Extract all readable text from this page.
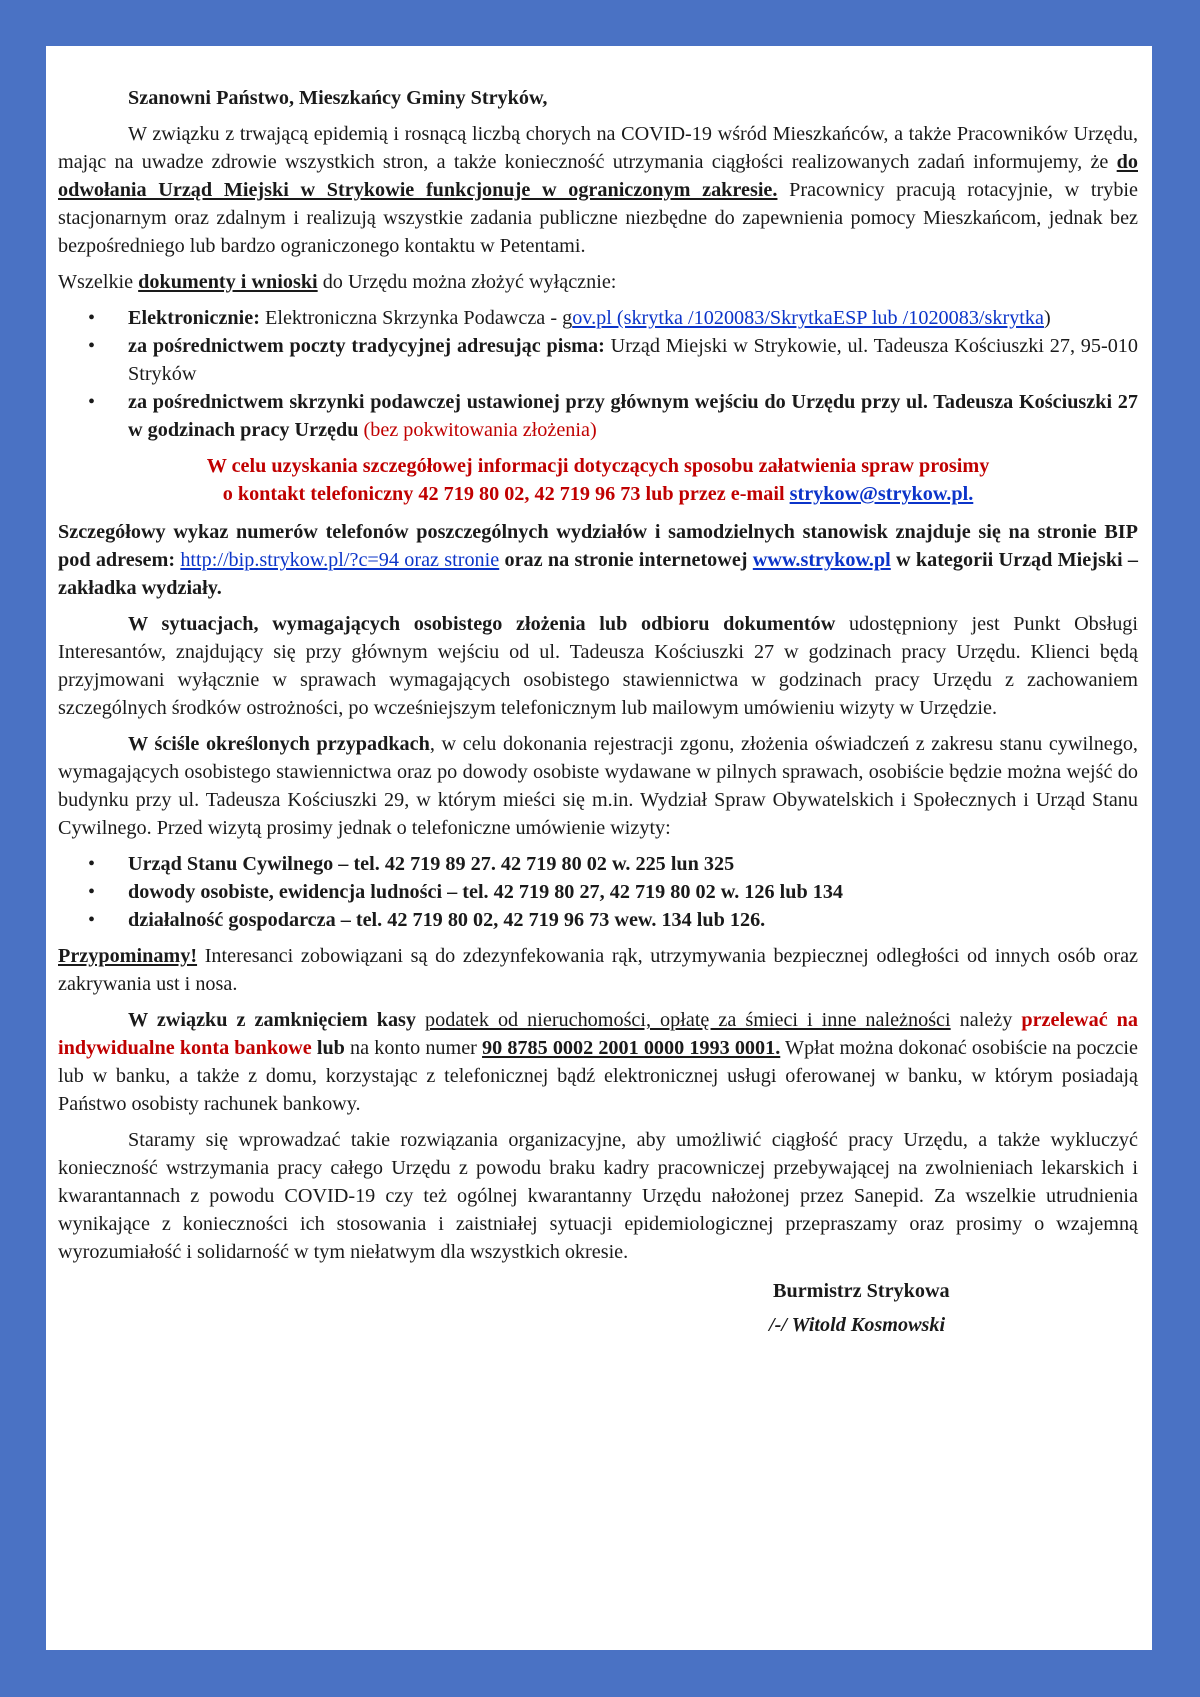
Szanowni Państwo, Mieszkańcy Gminy Stryków,

W związku z trwającą epidemią i rosnącą liczbą chorych na COVID-19 wśród Mieszkańców, a także Pracowników Urzędu, mając na uwadze zdrowie wszystkich stron, a także konieczność utrzymania ciągłości realizowanych zadań informujemy, że do odwołania Urząd Miejski w Strykowie funkcjonuje w ograniczonym zakresie. Pracownicy pracują rotacyjnie, w trybie stacjonarnym oraz zdalnym i realizują wszystkie zadania publiczne niezbędne do zapewnienia pomocy Mieszkańcom, jednak bez bezpośredniego lub bardzo ograniczonego kontaktu w Petentami.

Wszelkie dokumenty i wnioski do Urzędu można złożyć wyłącznie:

• Elektronicznie: Elektroniczna Skrzynka Podawcza - gov.pl (skrytka /1020083/SkrytkaESP lub /1020083/skrytka)
• za pośrednictwem poczty tradycyjnej adresując pisma: Urząd Miejski w Strykowie, ul. Tadeusza Kościuszki 27, 95-010 Stryków
• za pośrednictwem skrzynki podawczej ustawionej przy głównym wejściu do Urzędu przy ul. Tadeusza Kościuszki 27 w godzinach pracy Urzędu (bez pokwitowania złożenia)
W celu uzyskania szczegółowej informacji dotyczących sposobu załatwienia spraw prosimy
o kontakt telefoniczny 42 719 80 02, 42 719 96 73 lub przez e-mail strykow@strykow.pl.

Szczegółowy wykaz numerów telefonów poszczególnych wydziałów i samodzielnych stanowisk znajduje się na stronie BIP pod adresem: http://bip.strykow.pl/?c=94 oraz stronie oraz na stronie internetowej www.strykow.pl w kategorii Urząd Miejski – zakładka wydziały.

W sytuacjach, wymagających osobistego złożenia lub odbioru dokumentów udostępniony jest Punkt Obsługi Interesantów, znajdujący się przy głównym wejściu od ul. Tadeusza Kościuszki 27 w godzinach pracy Urzędu. Klienci będą przyjmowani wyłącznie w sprawach wymagających osobistego stawiennictwa w godzinach pracy Urzędu z zachowaniem szczególnych środków ostrożności, po wcześniejszym telefonicznym lub mailowym umówieniu wizyty w Urzędzie.

W ściśle określonych przypadkach, w celu dokonania rejestracji zgonu, złożenia oświadczeń z zakresu stanu cywilnego, wymagających osobistego stawiennictwa oraz po dowody osobiste wydawane w pilnych sprawach, osobiście będzie można wejść do budynku przy ul. Tadeusza Kościuszki 29, w którym mieści się m.in. Wydział Spraw Obywatelskich i Społecznych i Urząd Stanu Cywilnego. Przed wizytą prosimy jednak o telefoniczne umówienie wizyty:

• Urząd Stanu Cywilnego – tel. 42 719 89 27. 42 719 80 02 w. 225 lun 325
• dowody osobiste, ewidencja ludności – tel. 42 719 80 27, 42 719 80 02 w. 126 lub 134
• działalność gospodarcza – tel. 42 719 80 02, 42 719 96 73 wew. 134 lub 126.

Przypominamy! Interesanci zobowiązani są do zdezynfekowania rąk, utrzymywania bezpiecznej odległości od innych osób oraz zakrywania ust i nosa.

W związku z zamknięciem kasy podatek od nieruchomości, opłatę za śmieci i inne należności należy przelewać na indywidualne konta bankowe lub na konto numer 90 8785 0002 2001 0000 1993 0001. Wpłat można dokonać osobiście na poczcie lub w banku, a także z domu, korzystając z telefonicznej bądź elektronicznej usługi oferowanej w banku, w którym posiadają Państwo osobisty rachunek bankowy.

Staramy się wprowadzać takie rozwiązania organizacyjne, aby umożliwić ciągłość pracy Urzędu, a także wykluczyć konieczność wstrzymania pracy całego Urzędu z powodu braku kadry pracowniczej przebywającej na zwolnieniach lekarskich i kwarantannach z powodu COVID-19 czy też ogólnej kwarantanny Urzędu nałożonej przez Sanepid. Za wszelkie utrudnienia wynikające z konieczności ich stosowania i zaistniałej sytuacji epidemiologicznej przepraszamy oraz prosimy o wzajemną wyrozumiałość i solidarność w tym niełatwym dla wszystkich okresie.

Burmistrz Strykowa
/-/ Witold Kosmowski
